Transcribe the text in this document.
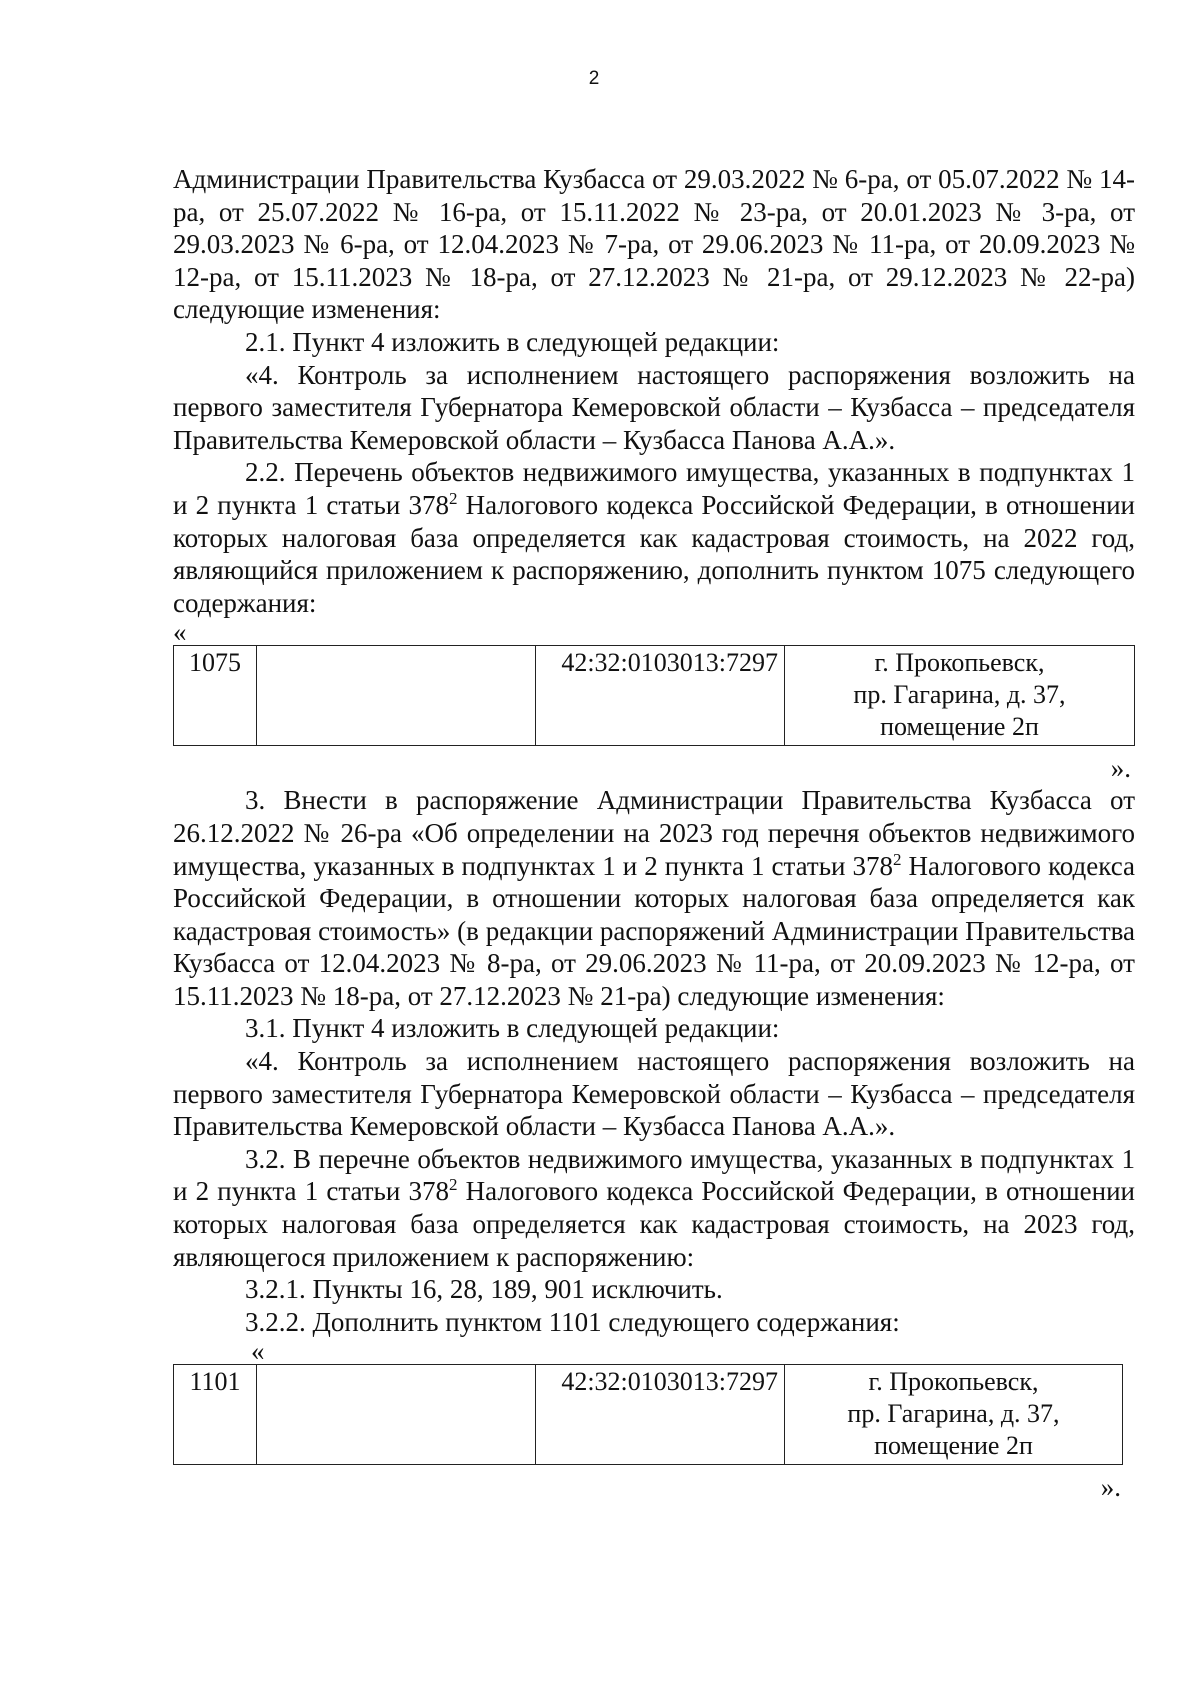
2

Администрации Правительства Кузбасса от 29.03.2022 № 6-ра, от 05.07.2022 № 14-ра, от 25.07.2022 № 16-ра, от 15.11.2022 № 23-ра, от 20.01.2023 № 3-ра, от 29.03.2023 № 6-ра, от 12.04.2023 № 7-ра, от 29.06.2023 № 11-ра, от 20.09.2023 № 12-ра, от 15.11.2023 № 18-ра, от 27.12.2023 № 21-ра, от 29.12.2023 № 22-ра) следующие изменения:

2.1. Пункт 4 изложить в следующей редакции:

«4. Контроль за исполнением настоящего распоряжения возложить на первого заместителя Губернатора Кемеровской области – Кузбасса – председателя Правительства Кемеровской области – Кузбасса Панова А.А.».

2.2. Перечень объектов недвижимого имущества, указанных в подпунктах 1 и 2 пункта 1 статьи $378^2$ Налогового кодекса Российской Федерации, в отношении которых налоговая база определяется как кадастровая стоимость, на 2022 год, являющийся приложением к распоряжению, дополнить пунктом 1075 следующего содержания:

«

1075		42:32:0103013:7297	г. Прокопьевск,
пр. Гагарина, д. 37,
помещение 2п

».

3. Внести в распоряжение Администрации Правительства Кузбасса от 26.12.2022 № 26-ра «Об определении на 2023 год перечня объектов недвижимого имущества, указанных в подпунктах 1 и 2 пункта 1 статьи $378^2$ Налогового кодекса Российской Федерации, в отношении которых налоговая база определяется как кадастровая стоимость» (в редакции распоряжений Администрации Правительства Кузбасса от 12.04.2023 № 8-ра, от 29.06.2023 № 11-ра, от 20.09.2023 № 12-ра, от 15.11.2023 № 18-ра, от 27.12.2023 № 21-ра) следующие изменения:

3.1. Пункт 4 изложить в следующей редакции:

«4. Контроль за исполнением настоящего распоряжения возложить на первого заместителя Губернатора Кемеровской области – Кузбасса – председателя Правительства Кемеровской области – Кузбасса Панова А.А.».

3.2. В перечне объектов недвижимого имущества, указанных в подпунктах 1 и 2 пункта 1 статьи $378^2$ Налогового кодекса Российской Федерации, в отношении которых налоговая база определяется как кадастровая стоимость, на 2023 год, являющегося приложением к распоряжению:

3.2.1. Пункты 16, 28, 189, 901 исключить.

3.2.2. Дополнить пунктом 1101 следующего содержания:

«

1101		42:32:0103013:7297	г. Прокопьевск,
пр. Гагарина, д. 37,
помещение 2п

».
